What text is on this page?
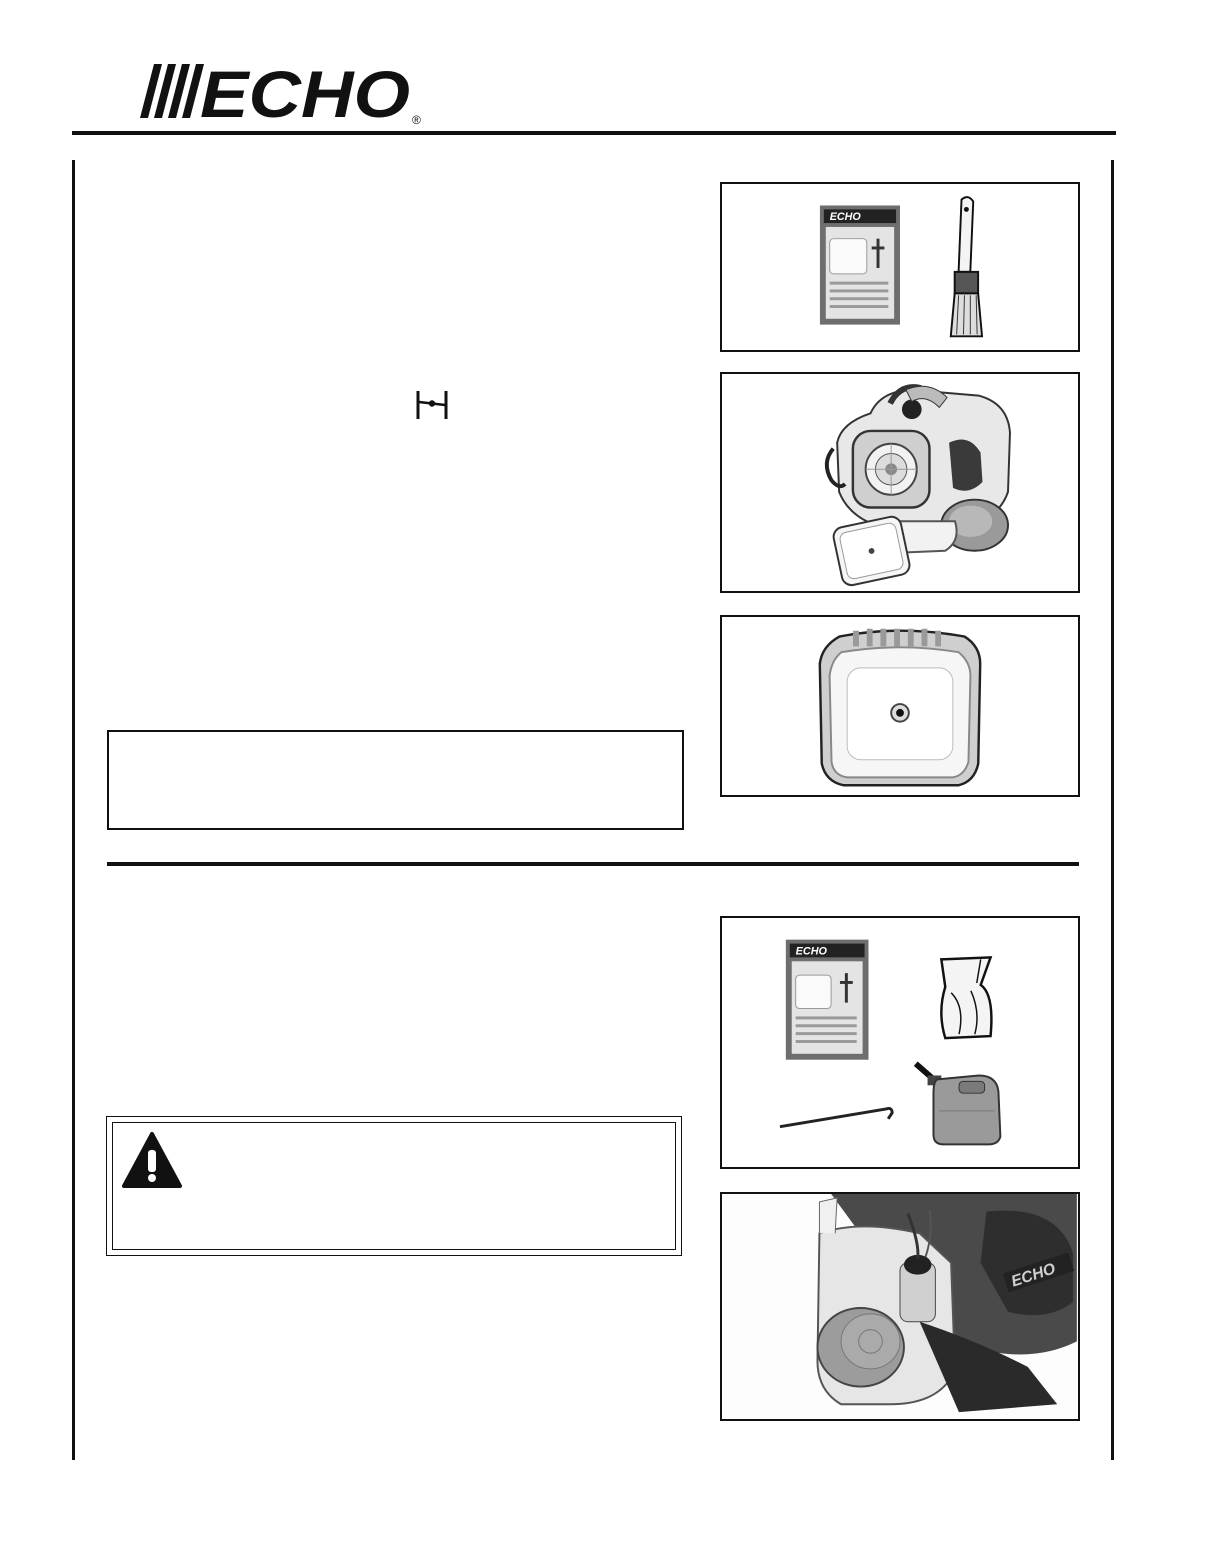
ECHO ®
ECHO
ECHO
ECHO
